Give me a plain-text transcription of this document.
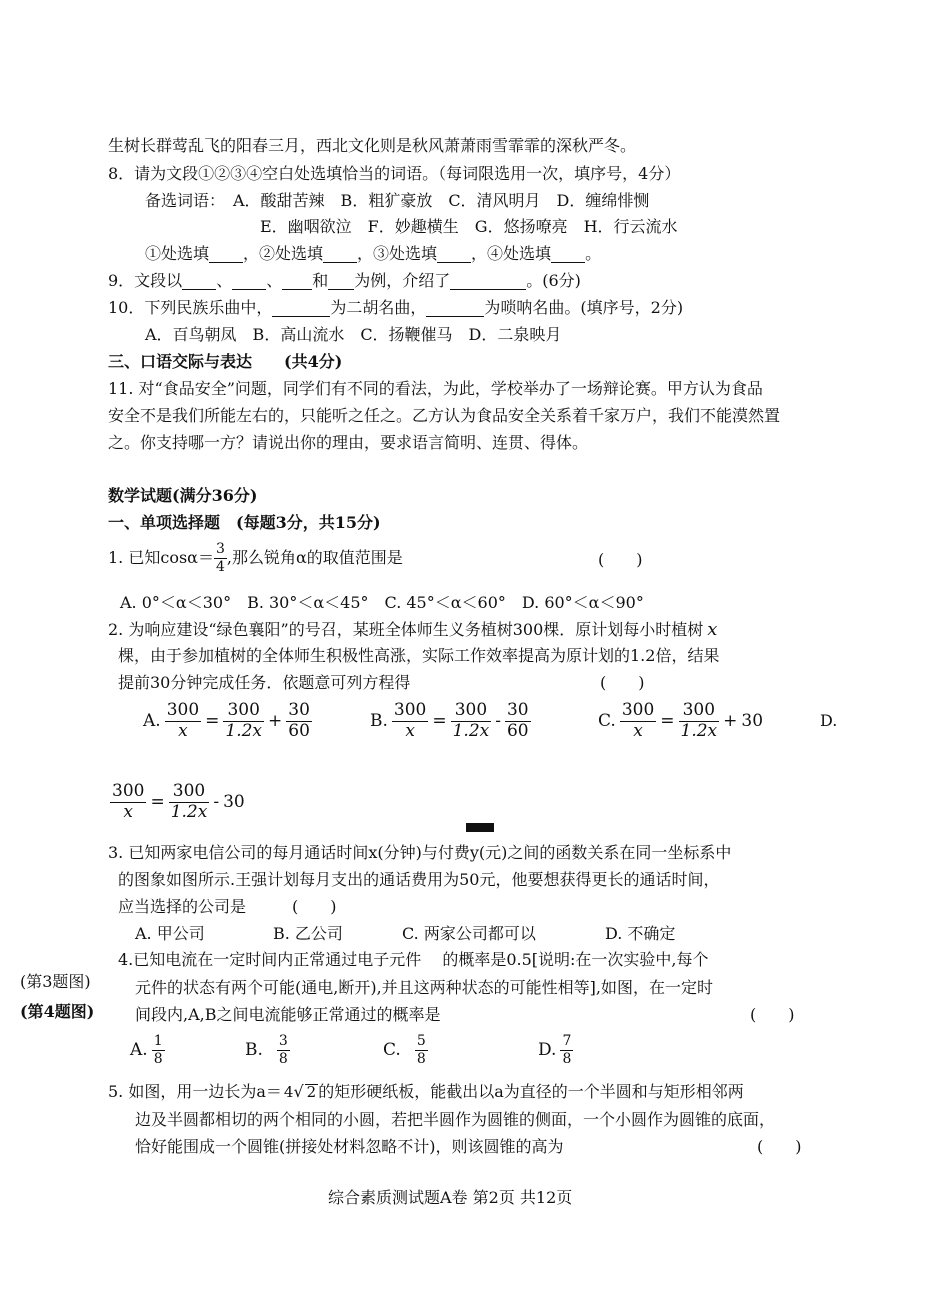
生树长群莺乱飞的阳春三月，西北文化则是秋风萧萧雨雪霏霏的深秋严冬。
8．请为文段①②③④空白处选填恰当的词语。（每词限选用一次，填序号，4分）
备选词语：　A．酸甜苦辣　B．粗犷豪放　C．清风明月　D．缠绵悱恻
E．幽咽欲泣　F．妙趣横生　G．悠扬嘹亮　H．行云流水
①处选填 ，②处选填 ，③处选填 ，④处选填 。
9．文段以 、 、 和 为例，介绍了	。(6分)
10．下列民族乐曲中，	为二胡名曲，	为唢呐名曲。(填序号，2分)
A．百鸟朝凤　B．高山流水　C．扬鞭催马　D．二泉映月
三、口语交际与表达　　(共4分)
11. 对“食品安全”问题，同学们有不同的看法，为此，学校举办了一场辩论赛。甲方认为食品
安全不是我们所能左右的，只能听之任之。乙方认为食品安全关系着千家万户，我们不能漠然置
之。你支持哪一方？请说出你的理由，要求语言简明、连贯、得体。
数学试题(满分36分)
一、单项选择题　(每题3分，共15分)
1. 已知$\cos\alpha= \frac{3}{4}$ ,那么锐角α的取值范围是	(　　)
A. 0°＜α＜30°　B. 30°＜α＜45°　C. 45°＜α＜60°　D. 60°＜α＜90°
2. 为响应建设“绿色襄阳”的号召，某班全体师生义务植树300棵．原计划每小时植树 x
棵，由于参加植树的全体师生积极性高涨，实际工作效率提高为原计划的1.2倍，结果
提前30分钟完成任务．依题意可列方程得	(　　)
A. $\frac{300}{x} = \frac{300}{1.2x} + \frac{30}{60}$	B. $\frac{300}{x} = \frac{300}{1.2x} - \frac{30}{60}$	C. $\frac{300}{x} = \frac{300}{1.2x} + 30$	D.
$\frac{300}{x} = \frac{300}{1.2x} - 30$
3. 已知两家电信公司的每月通话时间x(分钟)与付费y(元)之间的函数关系在同一坐标系中
的图象如图所示.王强计划每月支出的通话费用为50元，他要想获得更长的通话时间，
应当选择的公司是	(　　)
A. 甲公司	B. 乙公司	C. 两家公司都可以	D. 不确定
4.已知电流在一定时间内正常通过电子元件　 的概率是0.5[说明:在一次实验中,每个
(第3题图)	元件的状态有两个可能(通电,断开),并且这两种状态的可能性相等],如图，在一定时
(第4题图)	间段内,A,B之间电流能够正常通过的概率是	(　　)
A. $\frac{1}{8}$	B. $\frac{3}{8}$	C. $\frac{5}{8}$	D. $\frac{7}{8}$
5. 如图，用一边长为a＝ 4 √ 2 的矩形硬纸板，能截出以a为直径的一个半圆和与矩形相邻两
边及半圆都相切的两个相同的小圆，若把半圆作为圆锥的侧面，一个小圆作为圆锥的底面，
恰好能围成一个圆锥(拼接处材料忽略不计)，则该圆锥的高为	(　　)
综合素质测试题A卷 第2页 共12页
